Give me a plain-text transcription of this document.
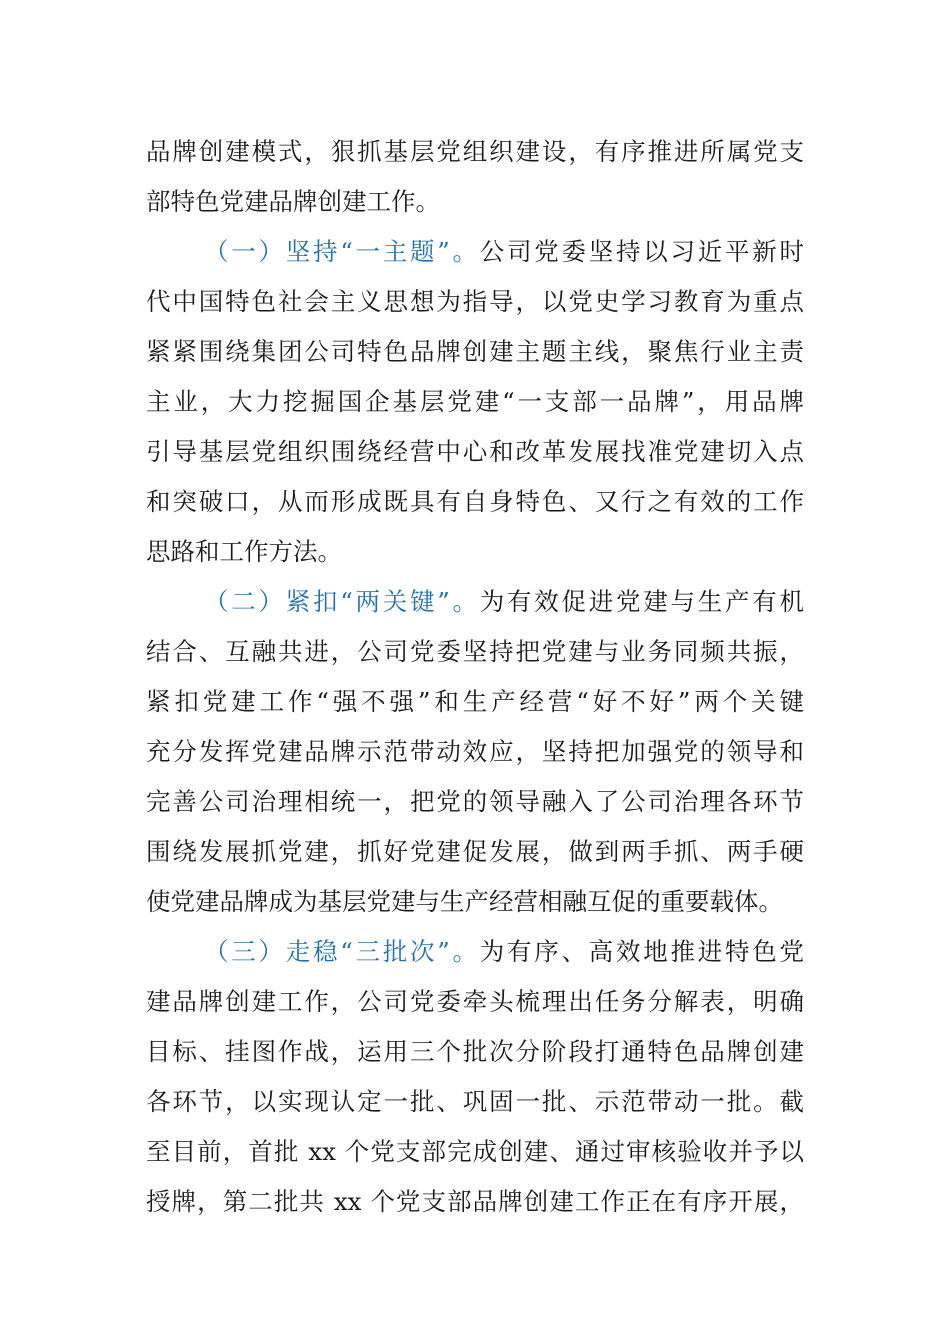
品牌创建模式，狠抓基层党组织建设，有序推进所属党支
部特色党建品牌创建工作。
（一）坚持“一主题”。公司党委坚持以习近平新时
代中国特色社会主义思想为指导，以党史学习教育为重点
紧紧围绕集团公司特色品牌创建主题主线，聚焦行业主责
主业，大力挖掘国企基层党建“一支部一品牌”，用品牌
引导基层党组织围绕经营中心和改革发展找准党建切入点
和突破口，从而形成既具有自身特色、又行之有效的工作
思路和工作方法。
（二）紧扣“两关键”。为有效促进党建与生产有机
结合、互融共进，公司党委坚持把党建与业务同频共振，
紧扣党建工作“强不强”和生产经营“好不好”两个关键
充分发挥党建品牌示范带动效应，坚持把加强党的领导和
完善公司治理相统一，把党的领导融入了公司治理各环节
围绕发展抓党建，抓好党建促发展，做到两手抓、两手硬
使党建品牌成为基层党建与生产经营相融互促的重要载体。
（三）走稳“三批次”。为有序、高效地推进特色党
建品牌创建工作，公司党委牵头梳理出任务分解表，明确
目标、挂图作战，运用三个批次分阶段打通特色品牌创建
各环节，以实现认定一批、巩固一批、示范带动一批。截
至目前，首批 xx 个党支部完成创建、通过审核验收并予以
授牌，第二批共 xx 个党支部品牌创建工作正在有序开展，
